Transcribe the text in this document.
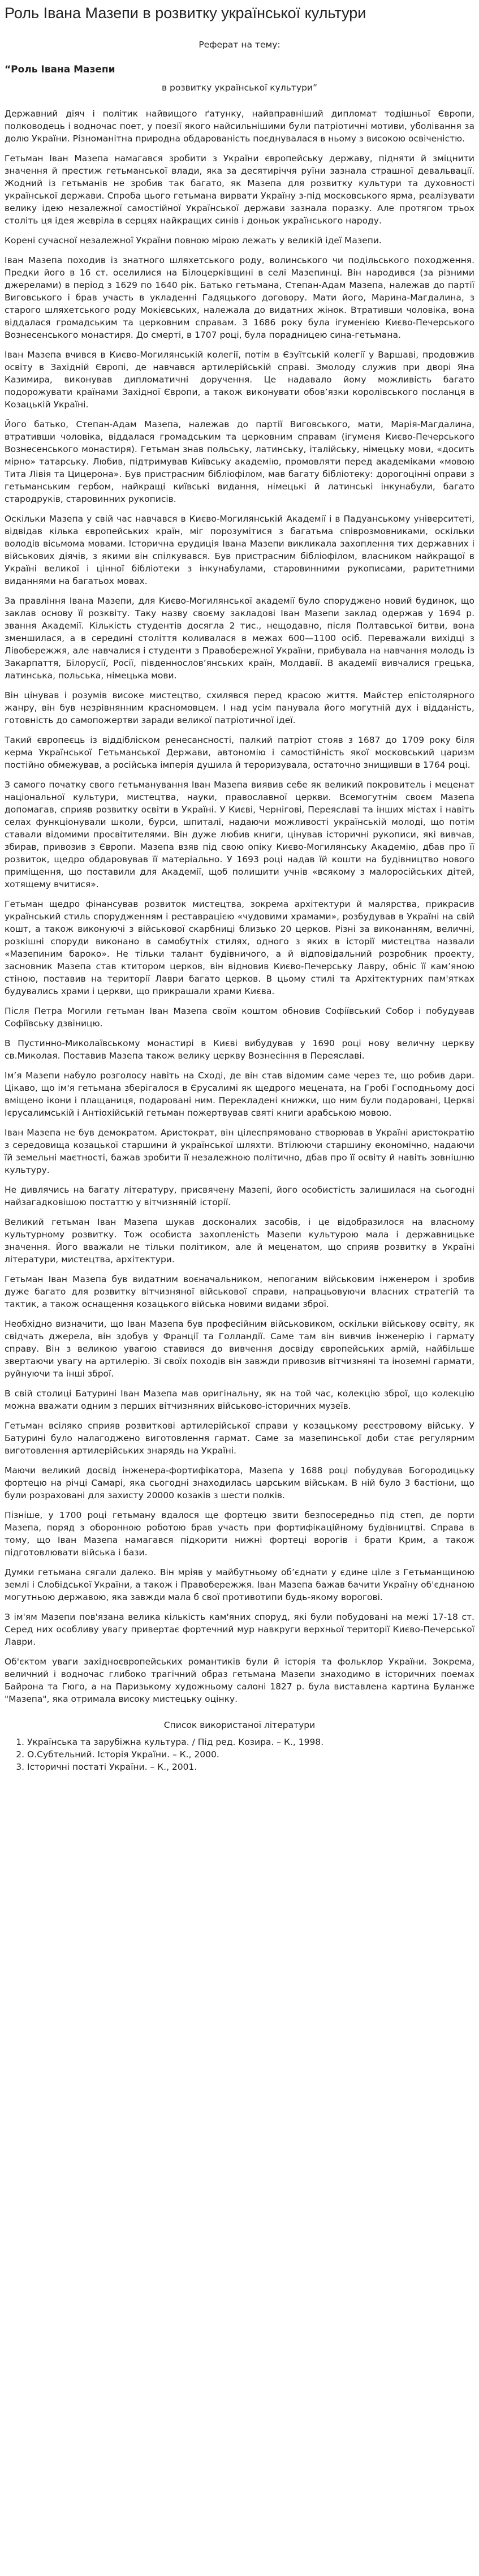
Роль Івана Мазепи в розвитку української культури
Реферат на тему:
“Роль Івана Мазепи
в розвитку української культури”

Державний діяч і політик найвищого ґатунку, найвправніший дипломат тодішньої Європи, полководець і водночас поет, у поезії якого найсильнішими були патріотичні мотиви, уболівання за долю України. Різноманітна природна обдарованість поєднувалася в ньому з високою освіченістю.

Гетьман Іван Мазепа намагався зробити з України європейську державу, підняти й зміцнити значення й престиж гетьманської влади, яка за десятиріччя руїни зазнала страшної девальвації. Жодний із гетьманів не зробив так багато, як Мазепа для розвитку культури та духовності української держави. Спроба цього гетьмана вирвати Україну з-під московського ярма, реалізувати велику ідею незалежної самостійної Української держави зазнала поразку. Але протягом трьох століть ця ідея жевріла в серцях найкращих синів і доньок українського народу.

Корені сучасної незалежної України повною мірою лежать у великій ідеї Мазепи.

Іван Мазепа походив із знатного шляхетського роду, волинського чи подільського походження. Предки його в 16 ст. оселилися на Білоцерківщині в селі Мазепинці. Він народився (за різними джерелами) в період з 1629 по 1640 рік. Батько гетьмана, Степан-Адам Мазепа, належав до партії Виговського і брав участь в укладенні Гадяцького договору. Мати його, Марина-Магдалина, з старого шляхетського роду Мокієвських, належала до видатних жінок. Втративши чоловіка, вона віддалася громадським та церковним справам. З 1686 року була ігуменією Києво-Печерського Вознесенського монастиря. До смерті, в 1707 році, була порадницею сина-гетьмана.

Іван Мазепа вчився в Києво-Могилянській колегії, потім в Єзуїтській колегії у Варшаві, продовжив освіту в Західній Європі, де навчався артилерійській справі. Змолоду служив при дворі Яна Казимира, виконував дипломатичні доручення. Це надавало йому можливість багато подорожувати країнами Західної Європи, а також виконувати обов’язки королівського посланця в Козацькій Україні.

Його батько, Степан-Адам Мазепа, належав до партії Виговського, мати, Марія-Магдалина, втративши чоловіка, віддалася громадським та церковним справам (ігуменя Києво-Печерського Вознесенського монастиря). Гетьман знав польську, латинську, італійську, німецьку мови, «досить мірно» татарську. Любив, підтримував Київську академію, промовляти перед академіками «мовою Тита Лівія та Цицерона». Був пристрасним бібліофілом, мав багату бібліотеку: дорогоцінні оправи з гетьманським гербом, найкращі київські видання, німецькі й латинські інкунабули, багато стародруків, старовинних рукописів.

Оскільки Мазепа у свій час навчався в Києво-Могилянській Академії і в Падуанському університеті, відвідав кілька європейських країн, міг порозумітися з багатьма співрозмовниками, оскільки володів вісьмома мовами. Історична ерудиція Івана Мазепи викликала захоплення тих державних і військових діячів, з якими він спілкувався. Був пристрасним бібліофілом, власником найкращої в Україні великої і цінної бібліотеки з інкунабулами, старовинними рукописами, раритетними виданнями на багатьох мовах.

За правління Івана Мазепи, для Києво-Могилянської академії було споруджено новий будинок, що заклав основу її розквіту. Таку назву своєму закладові Іван Мазепи заклад одержав у 1694 р. звання Академії. Кількість студентів досягла 2 тис., нещодавно, після Полтавської битви, вона зменшилася, а в середині століття коливалася в межах 600—1100 осіб. Переважали вихідці з Лівобережжя, але навчалися і студенти з Правобережної України, прибувала на навчання молодь із Закарпаття, Білорусії, Росії, південнослов’янських країн, Молдавії. В академії вивчалися грецька, латинська, польська, німецька мови.

Він цінував і розумів високе мистецтво, схилявся перед красою життя. Майстер епістолярного жанру, він був незрівнянним красномовцем. І над усім панувала його могутній дух і відданість, готовність до самопожертви заради великої патріотичної ідеї.

Такий європеєць із віддібліском ренесансності, палкий патріот стояв з 1687 до 1709 року біля керма Української Гетьманської Держави, автономію і самостійність якої московський царизм постійно обмежував, а російська імперія душила й тероризувала, остаточно знищивши в 1764 році.

З самого початку свого гетьманування Іван Мазепа виявив себе як великий покровитель і меценат національної культури, мистецтва, науки, православної церкви. Всемогутнім своєм Мазепа допомагав, сприяв розвитку освіти в Україні. У Києві, Чернігові, Переяславі та інших містах і навіть селах функціонували школи, бурси, шпиталі, надаючи можливості українській молоді, що потім ставали відомими просвітителями. Він дуже любив книги, цінував історичні рукописи, які вивчав, збирав, привозив з Європи. Мазепа взяв під свою опіку Києво-Могилянську Академію, дбав про її розвиток, щедро обдаровував її матеріально. У 1693 році надав їй кошти на будівництво нового приміщення, що поставили для Академії, щоб полишити учнів «всякому з малоросійських дітей, хотящему вчитися».

Гетьман щедро фінансував розвиток мистецтва, зокрема архітектури й малярства, прикрасив український стиль спорудженням і реставрацією «чудовими храмами», розбудував в Україні на свій кошт, а також виконуючі з військової скарбниці близько 20 церков. Різні за виконанням, величні, розкішні споруди виконано в самобутніх стилях, одного з яких в історії мистецтва назвали «Мазепиним бароко». Не тільки талант будівничого, а й відповідальний розробник проекту, засновник Мазепа став ктитором церков, він відновив Києво-Печерську Лавру, обніс її кам’яною стіною, поставив на території Лаври багато церков. В цьому стилі та Архітектурних пам'ятках будувались храми і церкви, що прикрашали храми Києва.

Після Петра Могили гетьман Іван Мазепа своїм коштом обновив Софіївський Собор і побудував Софіївську дзвіницю.

В Пустинно-Миколаївському монастирі в Києві вибудував у 1690 році нову величну церкву св.Миколая. Поставив Мазепа також велику церкву Вознесіння в Переяславі.

Ім’я Мазепи набуло розголосу навіть на Сході, де він став відомим саме через те, що робив дари. Цікаво, що ім'я гетьмана зберігалося в Єрусалимі як щедрого мецената, на Гробі Господньому досі вміщено ікони і плащаниця, подаровані ним. Перекладені книжки, що ним були подаровані, Церкві Ієрусалимській і Антіохійській гетьман пожертвував святі книги арабською мовою.

Іван Мазепа не був демократом. Аристократ, він цілеспрямовано створював в Україні аристократію з середовища козацької старшини й української шляхти. Втілюючи старшину економічно, надаючи їй земельні маєтності, бажав зробити її незалежною політично, дбав про її освіту й навіть зовнішню культуру.

Не дивлячись на багату літературу, присвячену Мазепі, його особистість залишилася на сьогодні найзагадковішою постаттю у вітчизняній історії.

Великий гетьман Іван Мазепа шукав досконалих засобів, і це відобразилося на власному культурному розвитку. Тож особиста захопленість Мазепи культурою мала і державницьке значення. Його вважали не тільки політиком, але й меценатом, що сприяв розвитку в Україні літератури, мистецтва, архітектури.

Гетьман Іван Мазепа був видатним воєначальником, непоганим військовим інженером і зробив дуже багато для розвитку вітчизняної військової справи, напрацьовуючи власних стратегій та тактик, а також оснащення козацького війська новими видами зброї.

Необхідно визначити, що Іван Мазепа був професійним військовиком, оскільки військову освіту, як свідчать джерела, він здобув у Франції та Голландії. Саме там він вивчив інженерію і гармату справу. Він з великою увагою ставився до вивчення досвіду європейських армій, найбільше звертаючи увагу на артилерію. Зі своїх походів він завжди привозив вітчизняні та іноземні гармати, руйнуючи та інші зброї.

В свій столиці Батурині Іван Мазепа мав оригінальну, як на той час, колекцію зброї, що колекцію можна вважати одним з перших вітчизняних військово-історичних музеїв.

Гетьман всіляко сприяв розвиткові артилерійської справи у козацькому реєстровому війську. У Батурині було налагоджено виготовлення гармат. Саме за мазепинської доби стає регулярним виготовлення артилерійських знарядь на Україні.

Маючи великий досвід інженера-фортифікатора, Мазепа у 1688 році побудував Богородицьку фортецю на річці Самарі, яка сьогодні знаходилась царським військам. В ній було 3 бастіони, що були розраховані для захисту 20000 козаків з шести полків.

Пізніше, у 1700 році гетьману вдалося ще фортецю звити безпосередньо під степ, де порти Мазепа, поряд з оборонною роботою брав участь при фортифікаційному будівництві. Справа в тому, що Іван Мазепа намагався підкорити нижні фортеці ворогів і брати Крим, а також підготовлювати війська і бази.

Думки гетьмана сягали далеко. Він мріяв у майбутньому об’єднати у єдине ціле з Гетьманщиною землі і Слобідської України, а також і Правобережжя. Іван Мазепа бажав бачити Україну об'єднаною могутньою державою, яка завжди мала б свої противотипи будь-якому ворогові.

З ім'ям Мазепи пов'язана велика кількість кам'яних споруд, які були побудовані на межі 17-18 ст. Серед них особливу увагу привертає фортечний мур навкруги верхньої території Києво-Печерської Лаври.

Об'єктом уваги західноєвропейських романтиків були й історія та фольклор України. Зокрема, величний і водночас глибоко трагічний образ гетьмана Мазепи знаходимо в історичних поемах Байрона та Гюго, а на Паризькому художньому салоні 1827 р. була виставлена картина Буланже "Мазепа", яка отримала високу мистецьку оцінку.

Список використаної літератури
1. Українська та зарубіжна культура. / Під ред. Козира. – К., 1998.
2. О.Субтельний. Історія України. – К., 2000.
3. Історичні постаті України. – К., 2001.
